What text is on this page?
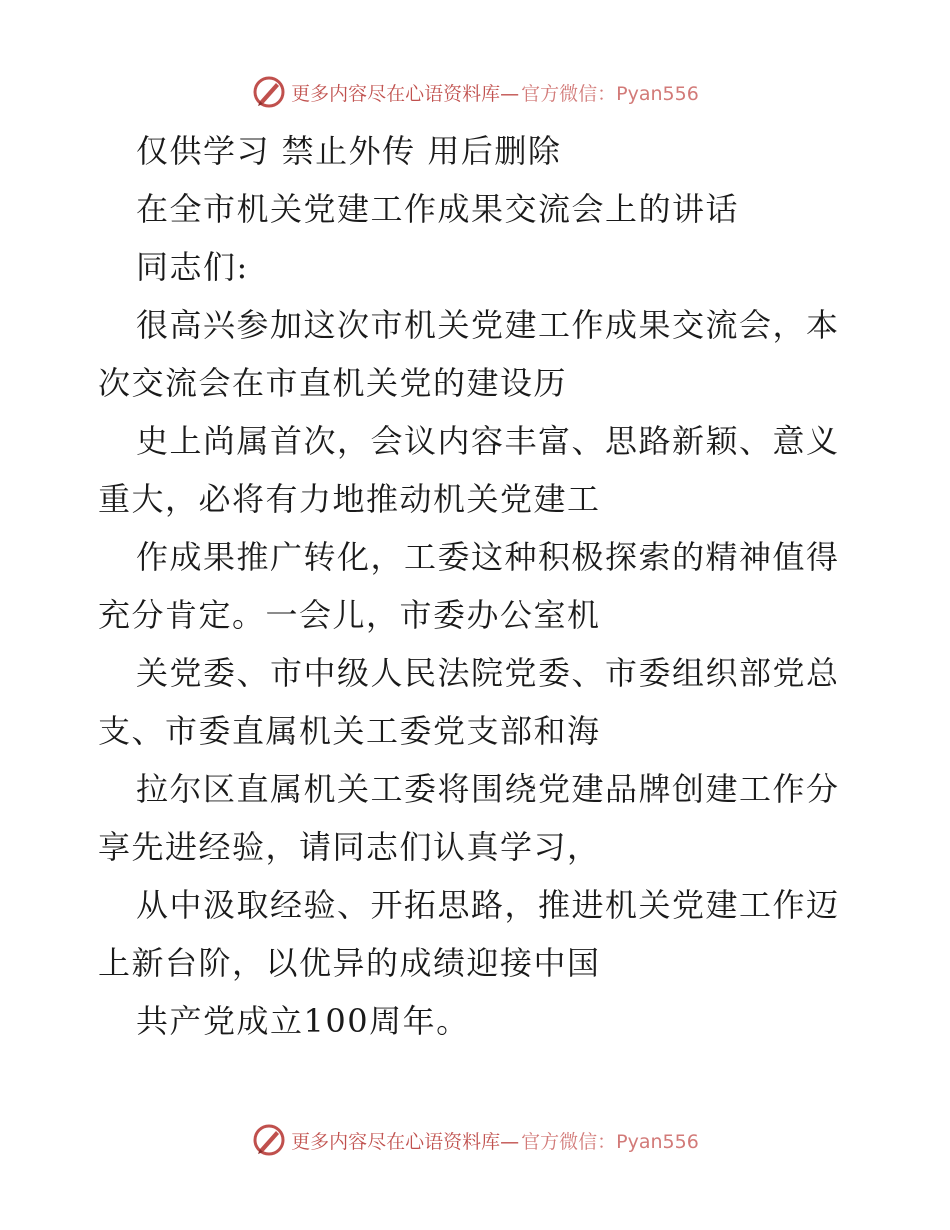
更多内容尽在心语资料库— 官方微信：Pyan556
仅供学习 禁止外传 用后删除
在全市机关党建工作成果交流会上的讲话
同志们:
很高兴参加这次市机关党建工作成果交流会，本
次交流会在市直机关党的建设历
史上尚属首次，会议内容丰富、思路新颖、意义
重大，必将有力地推动机关党建工
作成果推广转化，工委这种积极探索的精神值得
充分肯定。一会儿，市委办公室机
关党委、市中级人民法院党委、市委组织部党总
支、市委直属机关工委党支部和海
拉尔区直属机关工委将围绕党建品牌创建工作分
享先进经验，请同志们认真学习，
从中汲取经验、开拓思路，推进机关党建工作迈
上新台阶，以优异的成绩迎接中国
共产党成立100周年。
更多内容尽在心语资料库— 官方微信：Pyan556
